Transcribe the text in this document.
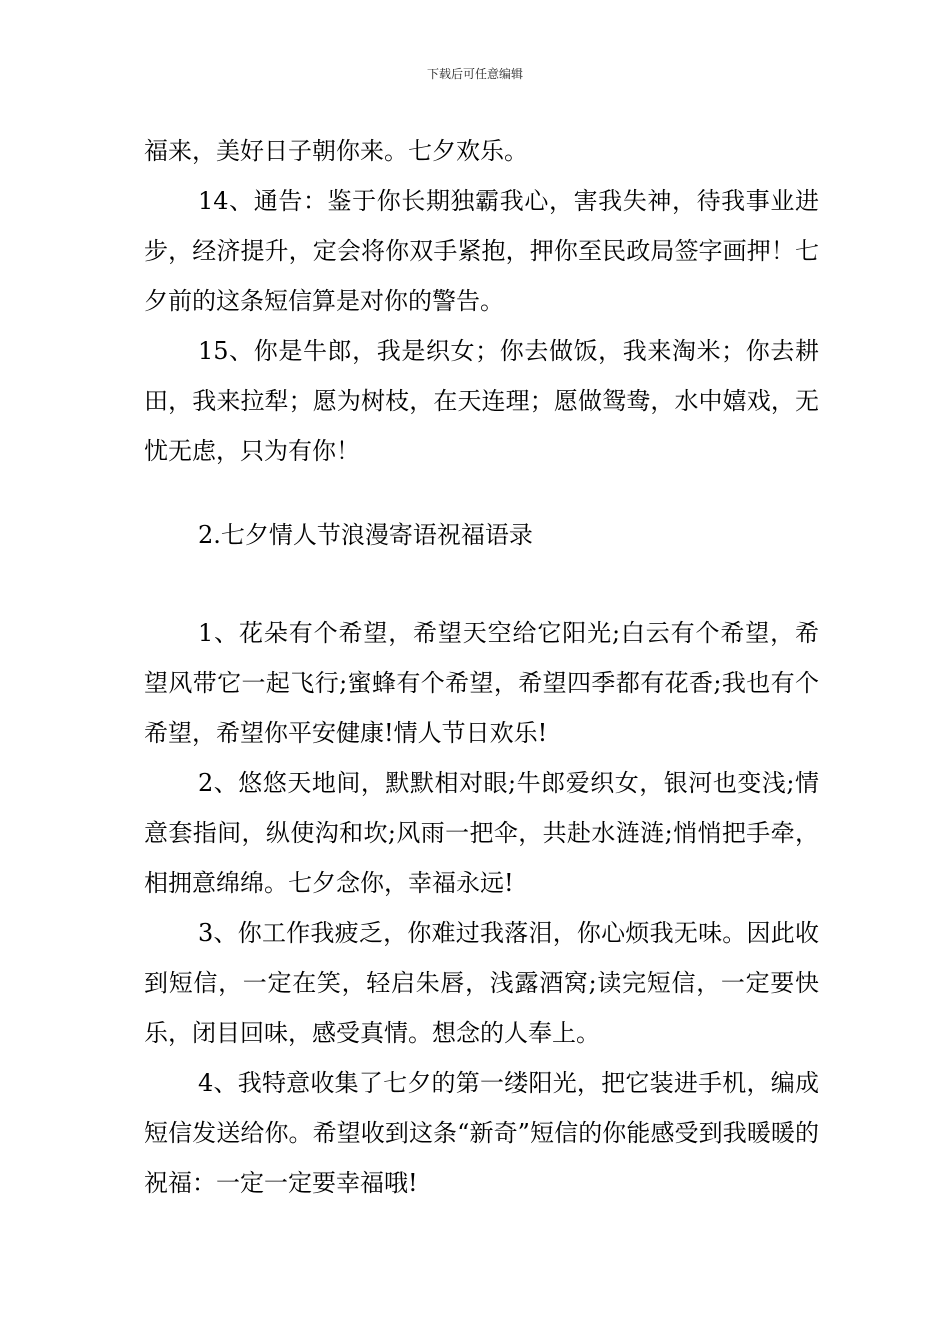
下载后可任意编辑

福来，美好日子朝你来。七夕欢乐。

14、通告：鉴于你长期独霸我心，害我失神，待我事业进步，经济提升，定会将你双手紧抱，押你至民政局签字画押！七夕前的这条短信算是对你的警告。

15、你是牛郎，我是织女；你去做饭，我来淘米；你去耕田，我来拉犁；愿为树枝，在天连理；愿做鸳鸯，水中嬉戏，无忧无虑，只为有你！

2.七夕情人节浪漫寄语祝福语录

1、花朵有个希望，希望天空给它阳光;白云有个希望，希望风带它一起飞行;蜜蜂有个希望，希望四季都有花香;我也有个希望，希望你平安健康!情人节日欢乐!

2、悠悠天地间，默默相对眼;牛郎爱织女，银河也变浅;情意套指间，纵使沟和坎;风雨一把伞，共赴水涟涟;悄悄把手牵，相拥意绵绵。七夕念你，幸福永远!

3、你工作我疲乏，你难过我落泪，你心烦我无味。因此收到短信，一定在笑，轻启朱唇，浅露酒窝;读完短信，一定要快乐，闭目回味，感受真情。想念的人奉上。

4、我特意收集了七夕的第一缕阳光，把它装进手机，编成短信发送给你。希望收到这条“新奇”短信的你能感受到我暖暖的祝福：一定一定要幸福哦!
